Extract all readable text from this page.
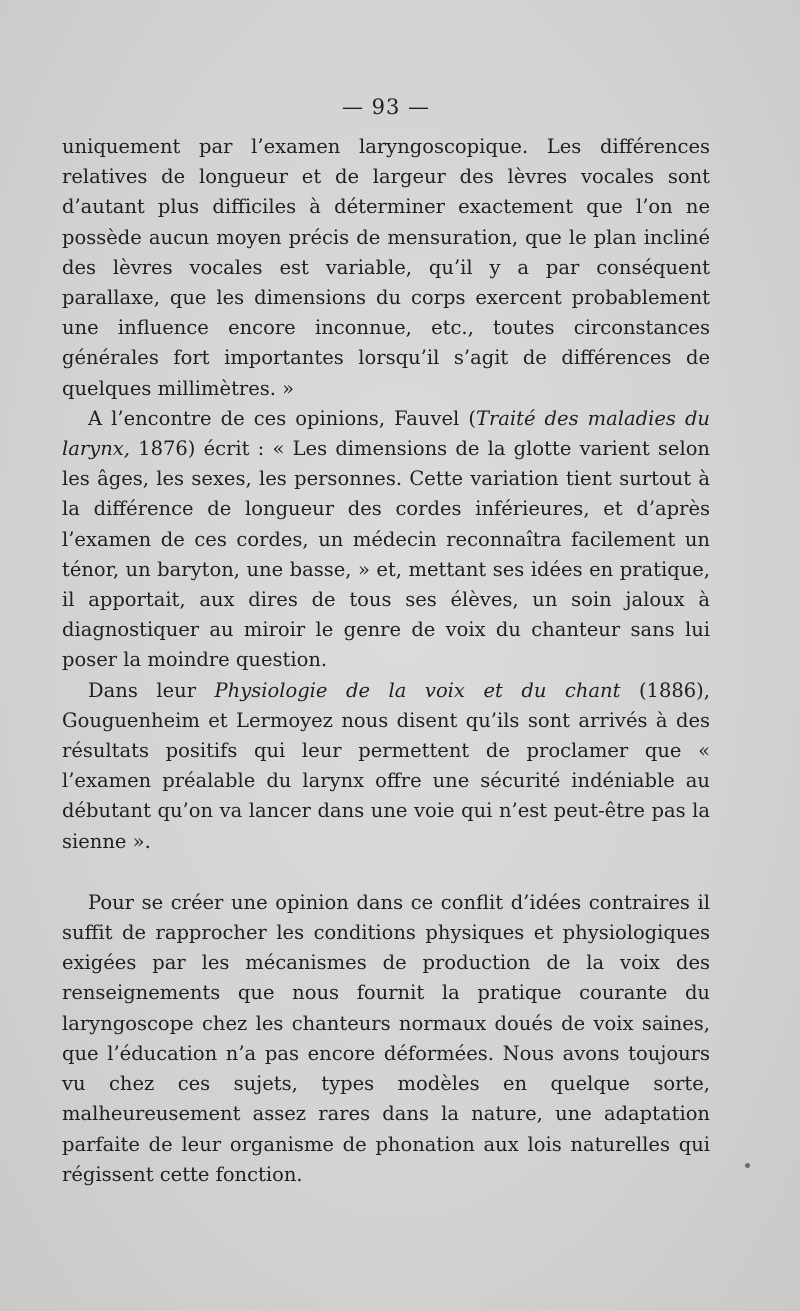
— 93 —

uniquement par l’examen laryngoscopique. Les différences relatives de longueur et de largeur des lèvres vocales sont d’autant plus difficiles à déterminer exactement que l’on ne possède aucun moyen précis de mensuration, que le plan incliné des lèvres vocales est variable, qu’il y a par conséquent parallaxe, que les dimensions du corps exercent probablement une influence encore inconnue, etc., toutes circonstances générales fort importantes lorsqu’il s’agit de différences de quelques millimètres. »

A l’encontre de ces opinions, Fauvel (Traité des maladies du larynx, 1876) écrit : « Les dimensions de la glotte varient selon les âges, les sexes, les personnes. Cette variation tient surtout à la différence de longueur des cordes inférieures, et d’après l’examen de ces cordes, un médecin reconnaîtra facilement un ténor, un baryton, une basse, » et, mettant ses idées en pratique, il apportait, aux dires de tous ses élèves, un soin jaloux à diagnostiquer au miroir le genre de voix du chanteur sans lui poser la moindre question.

Dans leur Physiologie de la voix et du chant (1886), Gouguenheim et Lermoyez nous disent qu’ils sont arrivés à des résultats positifs qui leur permettent de proclamer que « l’examen préalable du larynx offre une sécurité indéniable au débutant qu’on va lancer dans une voie qui n’est peut-être pas la sienne ».

Pour se créer une opinion dans ce conflit d’idées contraires il suffit de rapprocher les conditions physiques et physiologiques exigées par les mécanismes de production de la voix des renseignements que nous fournit la pratique courante du laryngoscope chez les chanteurs normaux doués de voix saines, que l’éducation n’a pas encore déformées. Nous avons toujours vu chez ces sujets, types modèles en quelque sorte, malheureusement assez rares dans la nature, une adaptation parfaite de leur organisme de phonation aux lois naturelles qui régissent cette fonction.
